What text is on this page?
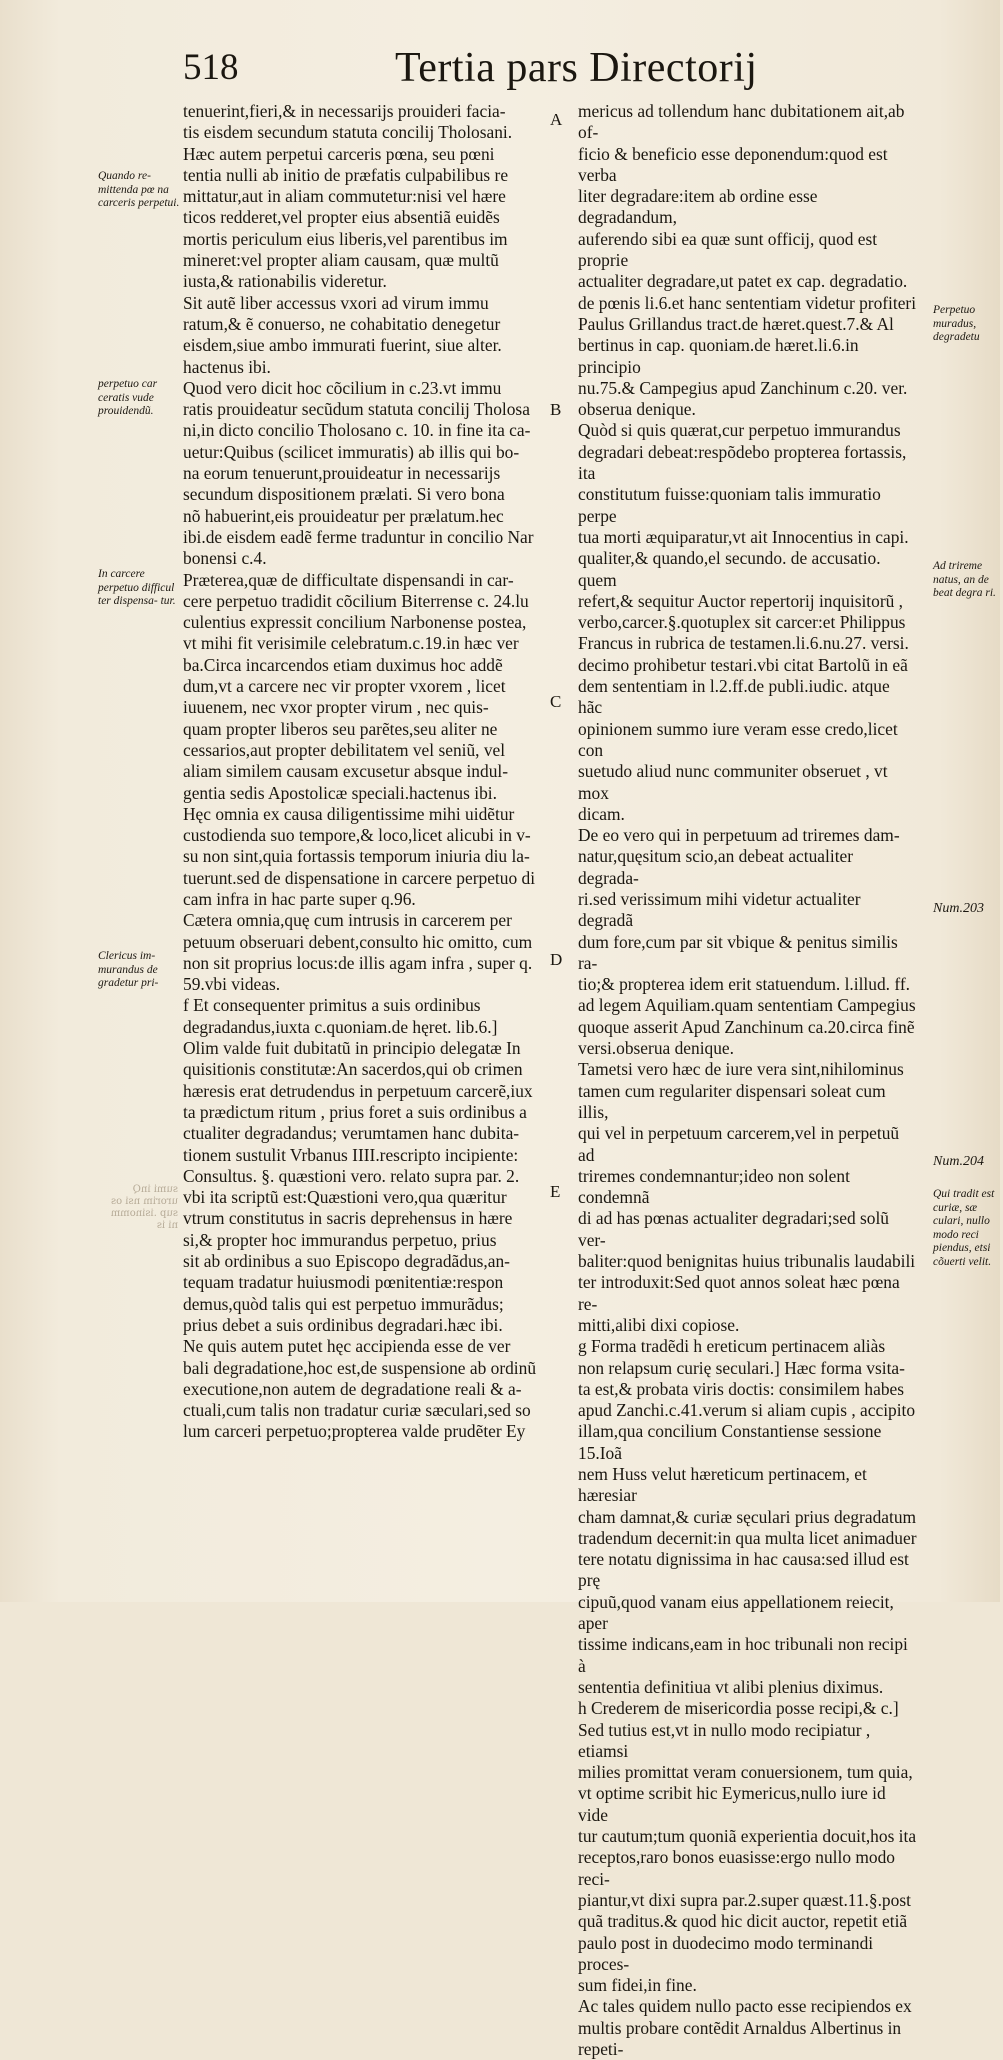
518	Tertia pars Directorij

tenuerint,fieri,& in necessarijs prouideri facia-

tis eisdem secundum statuta concilij Tholosani.

Hæc autem perpetui carceris pœna, seu pœni

tentia nulli ab initio de præfatis culpabilibus re

mittatur,aut in aliam commutetur:nisi vel hære

ticos redderet,vel propter eius absentiã euidẽs

mortis periculum eius liberis,vel parentibus im

mineret:vel propter aliam causam, quæ multũ

iusta,& rationabilis videretur.

Sit autẽ liber accessus vxori ad virum immu

ratum,& ẽ conuerso, ne cohabitatio denegetur

eisdem,siue ambo immurati fuerint, siue alter.

hactenus ibi.

Quod vero dicit hoc cõcilium in c.23.vt immu

ratis prouideatur secũdum statuta concilij Tholosa

ni,in dicto concilio Tholosano c. 10. in fine ita ca-

uetur:Quibus (scilicet immuratis) ab illis qui bo-

na eorum tenuerunt,prouideatur in necessarijs

secundum dispositionem prælati. Si vero bona

nõ habuerint,eis prouideatur per prælatum.hec

ibi.de eisdem eadẽ ferme traduntur in concilio Nar

bonensi c.4.

Præterea,quæ de difficultate dispensandi in car-

cere perpetuo tradidit cõcilium Biterrense c. 24.lu

culentius expressit concilium Narbonense postea,

vt mihi fit verisimile celebratum.c.19.in hæc ver

ba.Circa incarcendos etiam duximus hoc addẽ

dum,vt a carcere nec vir propter vxorem , licet

iuuenem, nec vxor propter virum , nec quis-

quam propter liberos seu parẽtes,seu aliter ne

cessarios,aut propter debilitatem vel seniũ, vel

aliam similem causam excusetur absque indul-

gentia sedis Apostolicæ speciali.hactenus ibi.

Hęc omnia ex causa diligentissime mihi uidẽtur

custodienda suo tempore,& loco,licet alicubi in v-

su non sint,quia fortassis temporum iniuria diu la-

tuerunt.sed de dispensatione in carcere perpetuo di

cam infra in hac parte super q.96.

Cætera omnia,quę cum intrusis in carcerem per

petuum obseruari debent,consulto hic omitto, cum

non sit proprius locus:de illis agam infra , super q.

59.vbi videas.

f Et consequenter primitus a suis ordinibus

degradandus,iuxta c.quoniam.de hęret. lib.6.]

Olim valde fuit dubitatũ in principio delegatæ In

quisitionis constitutæ:An sacerdos,qui ob crimen

hæresis erat detrudendus in perpetuum carcerẽ,iux

ta prædictum ritum , prius foret a suis ordinibus a

ctualiter degradandus; verumtamen hanc dubita-

tionem sustulit Vrbanus IIII.rescripto incipiente:

Consultus. §. quæstioni vero. relato supra par. 2.

vbi ita scriptũ est:Quæstioni vero,qua quæritur

vtrum constitutus in sacris deprehensus in hære

si,& propter hoc immurandus perpetuo, prius

sit ab ordinibus a suo Episcopo degradãdus,an-

tequam tradatur huiusmodi pœnitentiæ:respon

demus,quòd talis qui est perpetuo immurãdus;

prius debet a suis ordinibus degradari.hæc ibi.

Ne quis autem putet hęc accipienda esse de ver

bali degradatione,hoc est,de suspensione ab ordinũ

executione,non autem de degradatione reali & a-

ctuali,cum talis non tradatur curiæ sæculari,sed so

lum carceri perpetuo;propterea valde prudẽter Ey

mericus ad tollendum hanc dubitationem ait,ab of-

ficio & beneficio esse deponendum:quod est verba

liter degradare:item ab ordine esse degradandum,

auferendo sibi ea quæ sunt officij, quod est proprie

actualiter degradare,ut patet ex cap. degradatio.

de pœnis li.6.et hanc sententiam videtur profiteri

Paulus Grillandus tract.de hæret.quest.7.& Al

bertinus in cap. quoniam.de hæret.li.6.in principio

nu.75.& Campegius apud Zanchinum c.20. ver.

obserua denique.

Quòd si quis quærat,cur perpetuo immurandus

degradari debeat:respõdebo propterea fortassis, ita

constitutum fuisse:quoniam talis immuratio perpe

tua morti æquiparatur,vt ait Innocentius in capi.

qualiter,& quando,el secundo. de accusatio. quem

refert,& sequitur Auctor repertorij inquisitorũ ,

verbo,carcer.§.quotuplex sit carcer:et Philippus

Francus in rubrica de testamen.li.6.nu.27. versi.

decimo prohibetur testari.vbi citat Bartolũ in eã

dem sententiam in l.2.ff.de publi.iudic. atque hãc

opinionem summo iure veram esse credo,licet con

suetudo aliud nunc communiter obseruet , vt mox

dicam.

De eo vero qui in perpetuum ad triremes dam-

natur,quęsitum scio,an debeat actualiter degrada-

ri.sed verissimum mihi videtur actualiter degradã

dum fore,cum par sit vbique & penitus similis ra-

tio;& propterea idem erit statuendum. l.illud. ff.

ad legem Aquiliam.quam sententiam Campegius

quoque asserit Apud Zanchinum ca.20.circa finẽ

versi.obserua denique.

Tametsi vero hæc de iure vera sint,nihilominus

tamen cum regulariter dispensari soleat cum illis,

qui vel in perpetuum carcerem,vel in perpetuũ ad

triremes condemnantur;ideo non solent condemnã

di ad has pœnas actualiter degradari;sed solũ ver-

baliter:quod benignitas huius tribunalis laudabili

ter introduxit:Sed quot annos soleat hæc pœna re-

mitti,alibi dixi copiose.

g Forma tradẽdi h ereticum pertinacem aliàs

non relapsum curię seculari.] Hæc forma vsita-

ta est,& probata viris doctis: consimilem habes

apud Zanchi.c.41.verum si aliam cupis , accipito

illam,qua concilium Constantiense sessione 15.Ioã

nem Huss velut hæreticum pertinacem, et hæresiar

cham damnat,& curiæ sęculari prius degradatum

tradendum decernit:in qua multa licet animaduer

tere notatu dignissima in hac causa:sed illud est prę

cipuũ,quod vanam eius appellationem reiecit, aper

tissime indicans,eam in hoc tribunali non recipi à

sententia definitiua vt alibi plenius diximus.

h Crederem de misericordia posse recipi,& c.]

Sed tutius est,vt in nullo modo recipiatur , etiamsi

milies promittat veram conuersionem, tum quia,

vt optime scribit hic Eymericus,nullo iure id vide

tur cautum;tum quoniã experientia docuit,hos ita

receptos,raro bonos euasisse:ergo nullo modo reci-

piantur,vt dixi supra par.2.super quæst.11.§.post

quã traditus.& quod hic dicit auctor, repetit etiã

paulo post in duodecimo modo terminandi proces-

sum fidei,in fine.

Ac tales quidem nullo pacto esse recipiendos ex

multis probare contẽdit Arnaldus Albertinus in

repeti-

Quando re- mittenda pœ na carceris perpetui.
perpetuo car ceratis vude prouidendũ.
In carcere perpetuo difficul ter dispensa- tur.
Clericus im- murandus de gradetur pri-
Perpetuo muradus, degradetu
Ad trireme natus, an de beat degra ri.
Num.203
Num.204
Qui tradit est curiæ, sæ culari, nullo modo reci piendus, etsi cõuerti velit.
A
B
C
D
E
sumi inQ urorim nsi os sup .isinomm ni is
